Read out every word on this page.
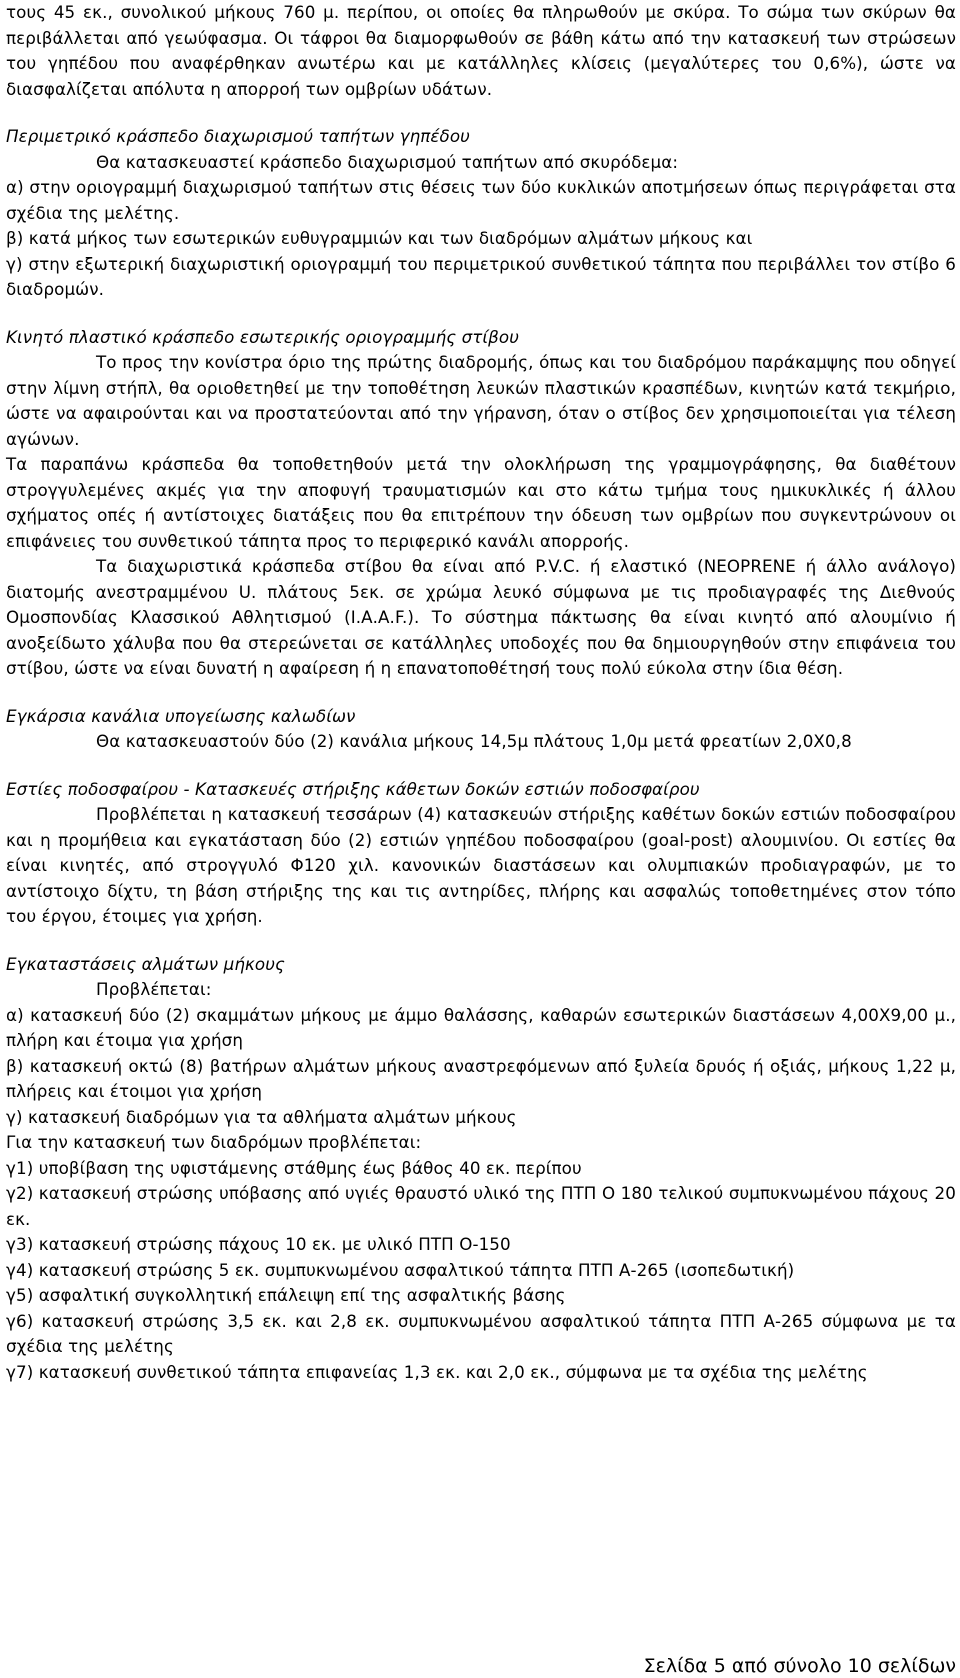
τους 45 εκ., συνολικού μήκους 760 μ. περίπου, οι οποίες θα πληρωθούν με σκύρα. Το σώμα των σκύρων θα περιβάλλεται από γεωύφασμα. Οι τάφροι θα διαμορφωθούν σε βάθη κάτω από την κατασκευή των στρώσεων του γηπέδου που αναφέρθηκαν ανωτέρω και με κατάλληλες κλίσεις (μεγαλύτερες του 0,6%), ώστε να διασφαλίζεται απόλυτα η απορροή των ομβρίων υδάτων.

Περιμετρικό κράσπεδο διαχωρισμού ταπήτων γηπέδου

Θα κατασκευαστεί κράσπεδο διαχωρισμού ταπήτων από σκυρόδεμα:

α) στην οριογραμμή διαχωρισμού ταπήτων στις θέσεις των δύο κυκλικών αποτμήσεων όπως περιγράφεται στα σχέδια της μελέτης.

β) κατά μήκος των εσωτερικών ευθυγραμμιών και των διαδρόμων αλμάτων μήκους και

γ) στην εξωτερική διαχωριστική οριογραμμή του περιμετρικού συνθετικού τάπητα που περιβάλλει τον στίβο 6 διαδρομών.

Κινητό πλαστικό κράσπεδο εσωτερικής οριογραμμής στίβου

Το προς την κονίστρα όριο της πρώτης διαδρομής, όπως και του διαδρόμου παράκαμψης που οδηγεί στην λίμνη στήπλ, θα οριοθετηθεί με την τοποθέτηση λευκών πλαστικών κρασπέδων, κινητών κατά τεκμήριο, ώστε να αφαιρούνται και να προστατεύονται από την γήρανση, όταν ο στίβος δεν χρησιμοποιείται για τέλεση αγώνων.

Τα παραπάνω κράσπεδα θα τοποθετηθούν μετά την ολοκλήρωση της γραμμογράφησης, θα διαθέτουν στρογγυλεμένες ακμές για την αποφυγή τραυματισμών και στο κάτω τμήμα τους ημικυκλικές ή άλλου σχήματος οπές ή αντίστοιχες διατάξεις που θα επιτρέπουν την όδευση των ομβρίων που συγκεντρώνουν οι επιφάνειες του συνθετικού τάπητα προς το περιφερικό κανάλι απορροής.

Τα διαχωριστικά κράσπεδα στίβου θα είναι από P.V.C. ή ελαστικό (NEOPRENE ή άλλο ανάλογο) διατομής ανεστραμμένου U. πλάτους 5εκ. σε χρώμα λευκό σύμφωνα με τις προδιαγραφές της Διεθνούς Ομοσπονδίας Κλασσικού Αθλητισμού (Ι.Α.Α.F.). Το σύστημα πάκτωσης θα είναι κινητό από αλουμίνιο ή ανοξείδωτο χάλυβα που θα στερεώνεται σε κατάλληλες υποδοχές που θα δημιουργηθούν στην επιφάνεια του στίβου, ώστε να είναι δυνατή η αφαίρεση ή η επανατοποθέτησή τους πολύ εύκολα στην ίδια θέση.

Εγκάρσια κανάλια υπογείωσης καλωδίων

Θα κατασκευαστούν δύο (2) κανάλια μήκους 14,5μ πλάτους 1,0μ μετά φρεατίων 2,0Χ0,8

Εστίες ποδοσφαίρου - Κατασκευές στήριξης κάθετων δοκών εστιών ποδοσφαίρου

Προβλέπεται η κατασκευή τεσσάρων (4) κατασκευών στήριξης καθέτων δοκών εστιών ποδοσφαίρου και η προμήθεια και εγκατάσταση δύο (2) εστιών γηπέδου ποδοσφαίρου (goal-post) αλουμινίου. Οι εστίες θα είναι κινητές, από στρογγυλό Φ120 χιλ. κανονικών διαστάσεων και ολυμπιακών προδιαγραφών, με το αντίστοιχο δίχτυ, τη βάση στήριξης της και τις αντηρίδες, πλήρης και ασφαλώς τοποθετημένες στον τόπο του έργου, έτοιμες για χρήση.

Εγκαταστάσεις αλμάτων μήκους

Προβλέπεται:

α) κατασκευή δύο (2) σκαμμάτων μήκους με άμμο θαλάσσης, καθαρών εσωτερικών διαστάσεων 4,00Χ9,00 μ., πλήρη και έτοιμα για χρήση

β) κατασκευή οκτώ (8) βατήρων αλμάτων μήκους αναστρεφόμενων από ξυλεία δρυός ή οξιάς, μήκους 1,22 μ, πλήρεις και έτοιμοι για χρήση

γ) κατασκευή διαδρόμων για τα αθλήματα αλμάτων μήκους

Για την κατασκευή των διαδρόμων προβλέπεται:

γ1) υποβίβαση της υφιστάμενης στάθμης έως βάθος 40 εκ. περίπου

γ2) κατασκευή στρώσης υπόβασης από υγιές θραυστό υλικό της ΠΤΠ Ο 180 τελικού συμπυκνωμένου πάχους 20 εκ.

γ3) κατασκευή στρώσης πάχους 10 εκ. με υλικό ΠΤΠ Ο-150

γ4) κατασκευή στρώσης 5 εκ. συμπυκνωμένου ασφαλτικού τάπητα ΠΤΠ Α-265 (ισοπεδωτική)

γ5) ασφαλτική συγκολλητική επάλειψη επί της ασφαλτικής βάσης

γ6) κατασκευή στρώσης 3,5 εκ. και 2,8 εκ. συμπυκνωμένου ασφαλτικού τάπητα ΠΤΠ Α-265 σύμφωνα με τα σχέδια της μελέτης

γ7) κατασκευή συνθετικού τάπητα επιφανείας 1,3 εκ. και 2,0 εκ., σύμφωνα με τα σχέδια της μελέτης

Σελίδα 5 από σύνολο 10 σελίδων
